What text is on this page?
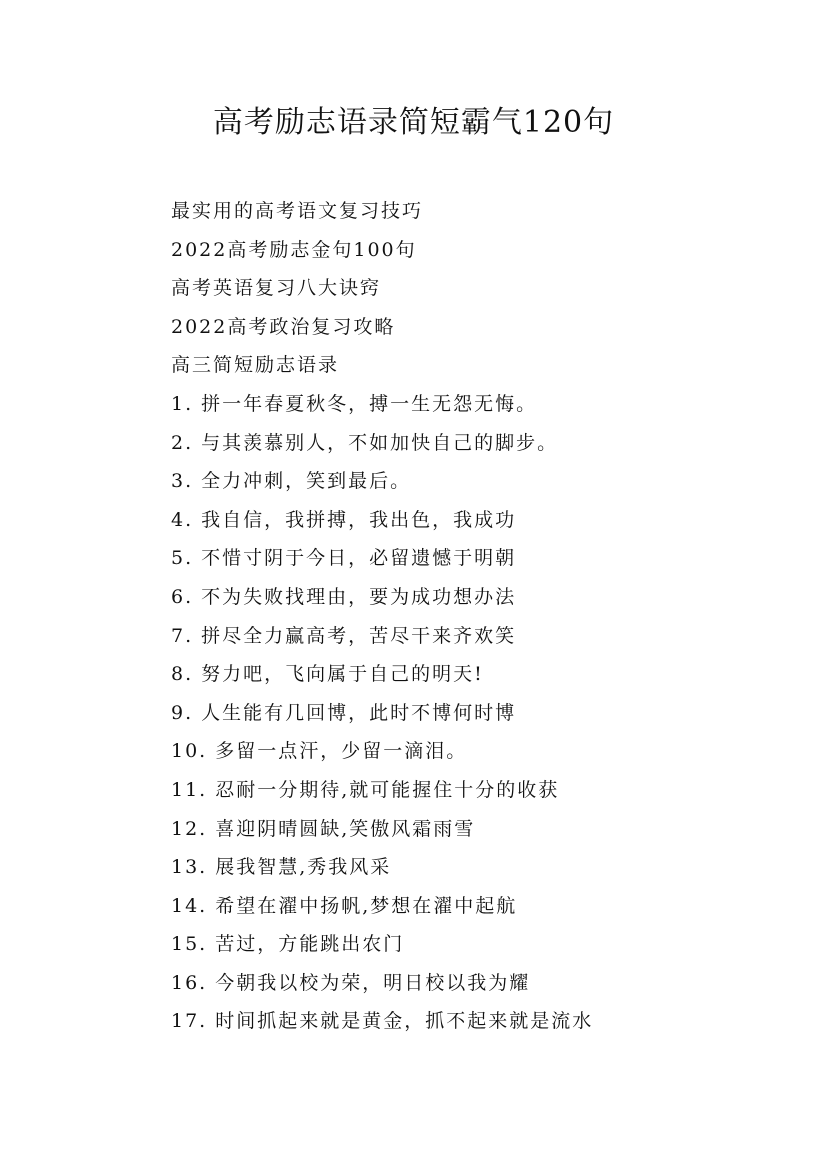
高考励志语录简短霸气120句
最实用的高考语文复习技巧
2022高考励志金句100句
高考英语复习八大诀窍
2022高考政治复习攻略
高三简短励志语录
1. 拼一年春夏秋冬，搏一生无怨无悔。
2. 与其羡慕别人，不如加快自己的脚步。
3. 全力冲刺，笑到最后。
4. 我自信，我拼搏，我出色，我成功
5. 不惜寸阴于今日，必留遗憾于明朝
6. 不为失败找理由，要为成功想办法
7. 拼尽全力赢高考，苦尽干来齐欢笑
8. 努力吧，飞向属于自己的明天!
9. 人生能有几回博，此时不博何时博
10. 多留一点汗，少留一滴泪。
11. 忍耐一分期待,就可能握住十分的收获
12. 喜迎阴晴圆缺,笑傲风霜雨雪
13. 展我智慧,秀我风采
14. 希望在濯中扬帆,梦想在濯中起航
15. 苦过，方能跳出农门
16. 今朝我以校为荣，明日校以我为耀
17. 时间抓起来就是黄金，抓不起来就是流水
